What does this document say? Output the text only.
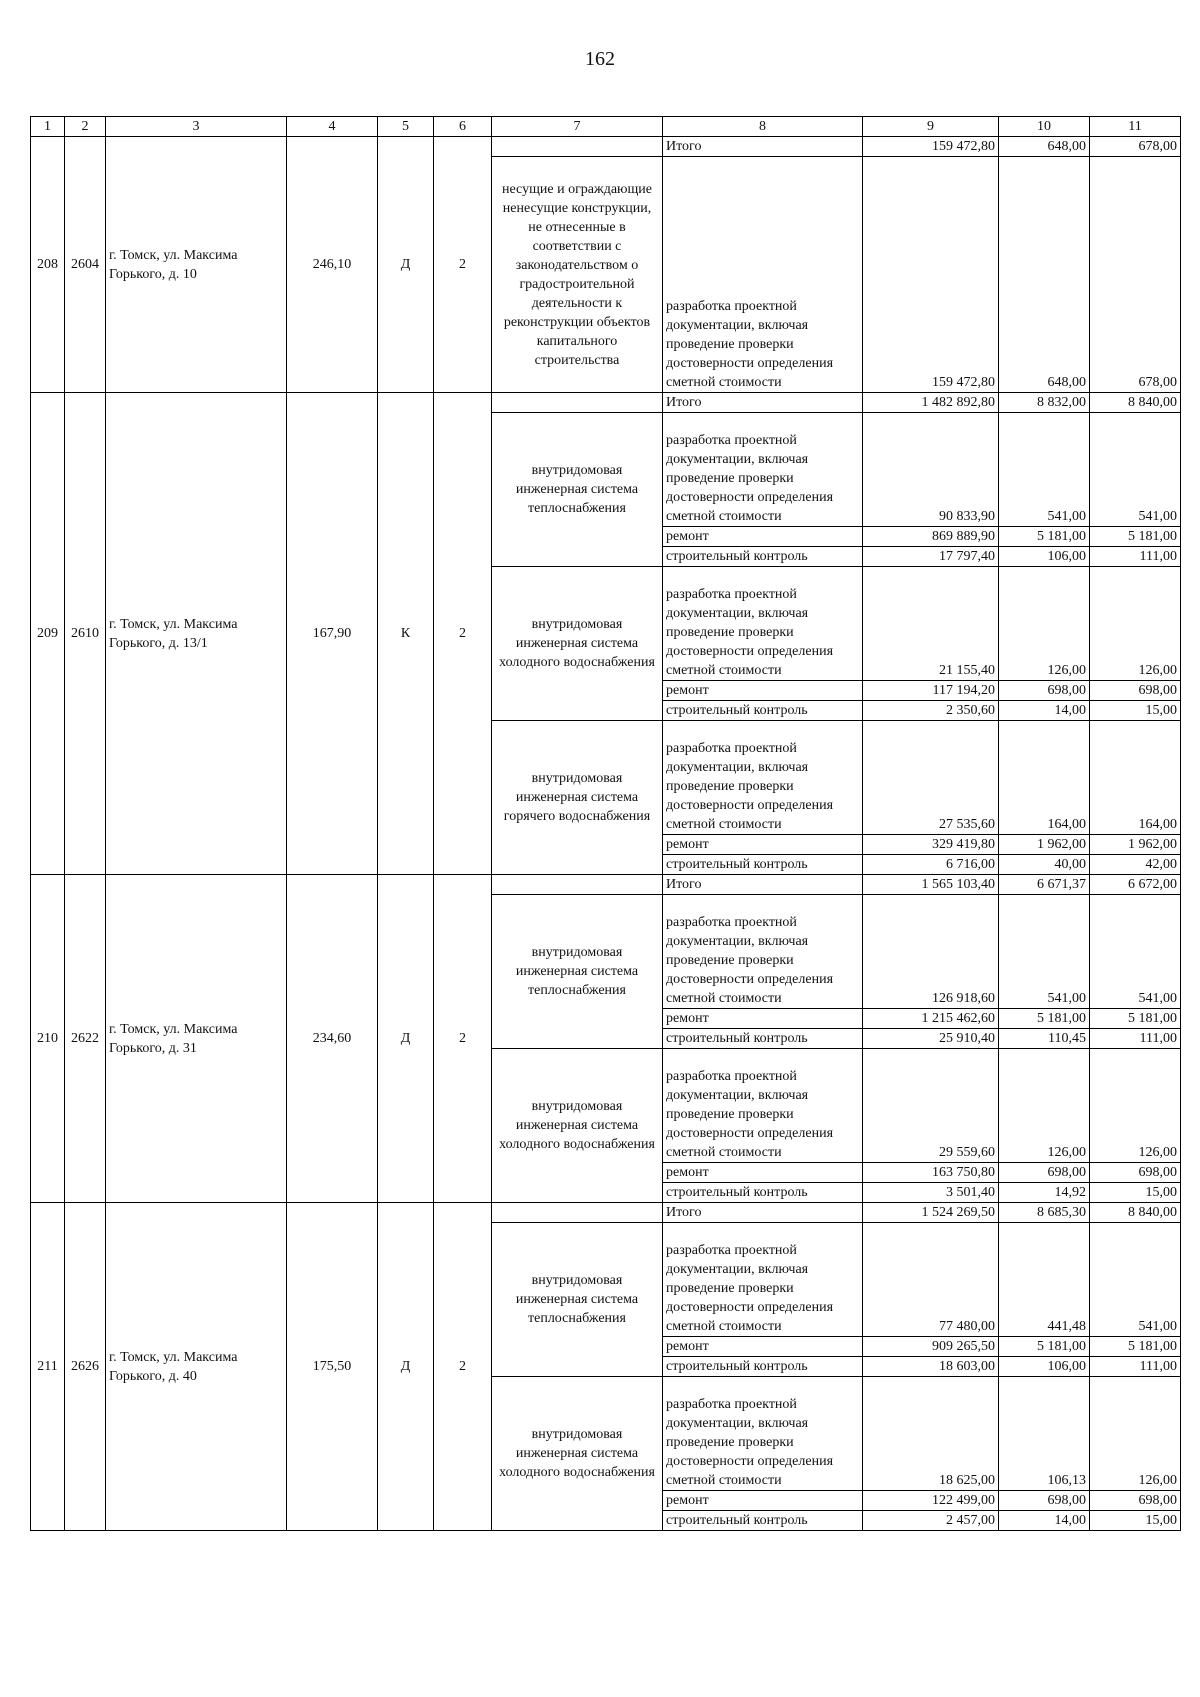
162
1	2	3	4	5	6	7	8	9	10	11
208	2604	г. Томск, ул. Максима Горького, д. 10	246,10	Д	2		Итого	159 472,80	648,00	678,00
						несущие и ограждающие ненесущие конструкции, не отнесенные в соответствии с законодательством о градостроительной деятельности к реконструкции объектов капитального строительства	разработка проектной документации, включая проведение проверки достоверности определения сметной стоимости	159 472,80	648,00	678,00
209	2610	г. Томск, ул. Максима Горького, д. 13/1	167,90	К	2		Итого	1 482 892,80	8 832,00	8 840,00
						внутридомовая инженерная система теплоснабжения	разработка проектной документации, включая проведение проверки достоверности определения сметной стоимости	90 833,90	541,00	541,00
							ремонт	869 889,90	5 181,00	5 181,00
							строительный контроль	17 797,40	106,00	111,00
						внутридомовая инженерная система холодного водоснабжения	разработка проектной документации, включая проведение проверки достоверности определения сметной стоимости	21 155,40	126,00	126,00
							ремонт	117 194,20	698,00	698,00
							строительный контроль	2 350,60	14,00	15,00
						внутридомовая инженерная система горячего водоснабжения	разработка проектной документации, включая проведение проверки достоверности определения сметной стоимости	27 535,60	164,00	164,00
							ремонт	329 419,80	1 962,00	1 962,00
							строительный контроль	6 716,00	40,00	42,00
210	2622	г. Томск, ул. Максима Горького, д. 31	234,60	Д	2		Итого	1 565 103,40	6 671,37	6 672,00
						внутридомовая инженерная система теплоснабжения	разработка проектной документации, включая проведение проверки достоверности определения сметной стоимости	126 918,60	541,00	541,00
							ремонт	1 215 462,60	5 181,00	5 181,00
							строительный контроль	25 910,40	110,45	111,00
						внутридомовая инженерная система холодного водоснабжения	разработка проектной документации, включая проведение проверки достоверности определения сметной стоимости	29 559,60	126,00	126,00
							ремонт	163 750,80	698,00	698,00
							строительный контроль	3 501,40	14,92	15,00
211	2626	г. Томск, ул. Максима Горького, д. 40	175,50	Д	2		Итого	1 524 269,50	8 685,30	8 840,00
						внутридомовая инженерная система теплоснабжения	разработка проектной документации, включая проведение проверки достоверности определения сметной стоимости	77 480,00	441,48	541,00
							ремонт	909 265,50	5 181,00	5 181,00
							строительный контроль	18 603,00	106,00	111,00
						внутридомовая инженерная система холодного водоснабжения	разработка проектной документации, включая проведение проверки достоверности определения сметной стоимости	18 625,00	106,13	126,00
							ремонт	122 499,00	698,00	698,00
							строительный контроль	2 457,00	14,00	15,00
